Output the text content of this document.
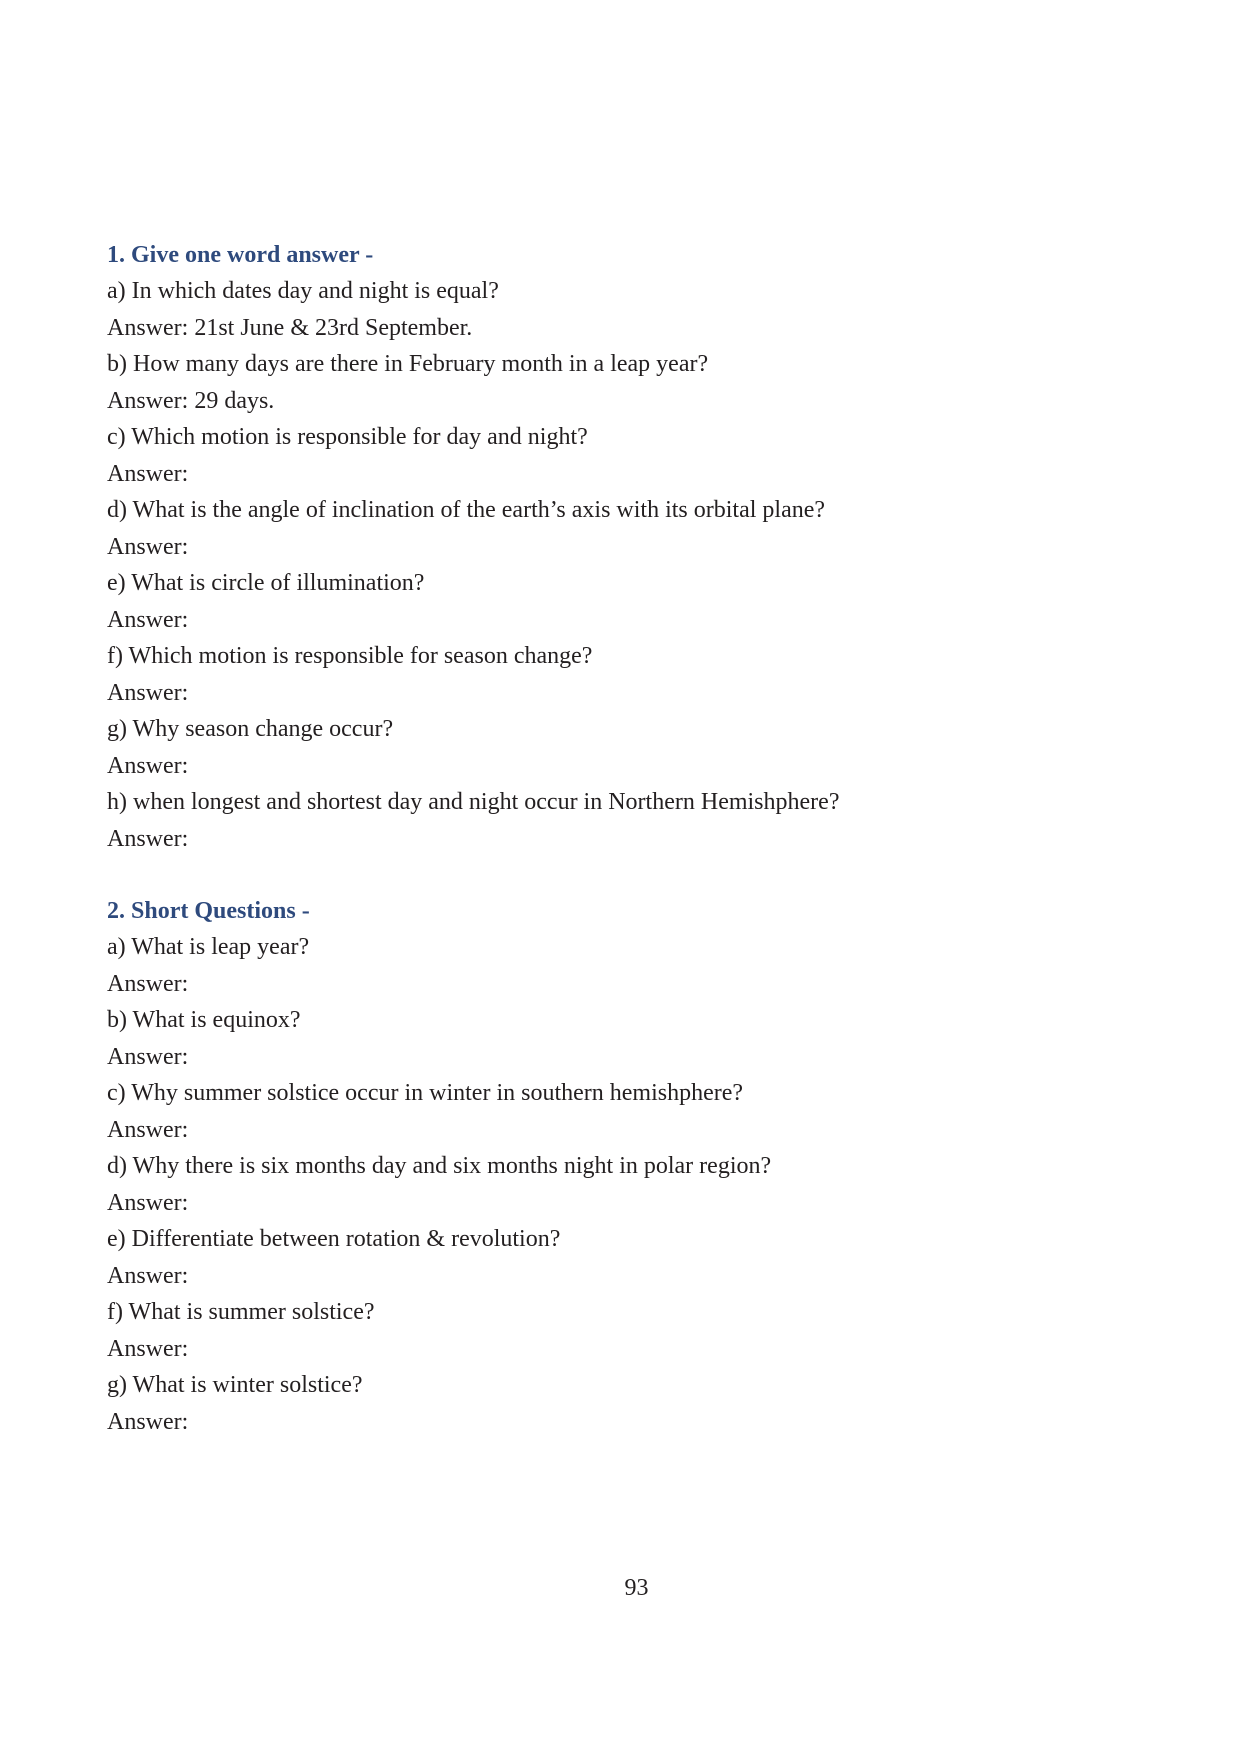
1. Give one word answer -
a) In which dates day and night is equal?
Answer: 21st June & 23rd September.
b) How many days are there in February month in a leap year?
Answer: 29 days.
c) Which motion is responsible for day and night?
Answer:
d) What is the angle of inclination of the earth’s axis with its orbital plane?
Answer:
e) What is circle of illumination?
Answer:
f) Which motion is responsible for season change?
Answer:
g) Why season change occur?
Answer:
h) when longest and shortest day and night occur in Northern Hemishphere?
Answer:
2. Short Questions -
a) What is leap year?
Answer:
b) What is equinox?
Answer:
c) Why summer solstice occur in winter in southern hemishphere?
Answer:
d) Why there is six months day and six months night in polar region?
Answer:
e) Differentiate between rotation & revolution?
Answer:
f) What is summer solstice?
Answer:
g) What is winter solstice?
Answer:
93
